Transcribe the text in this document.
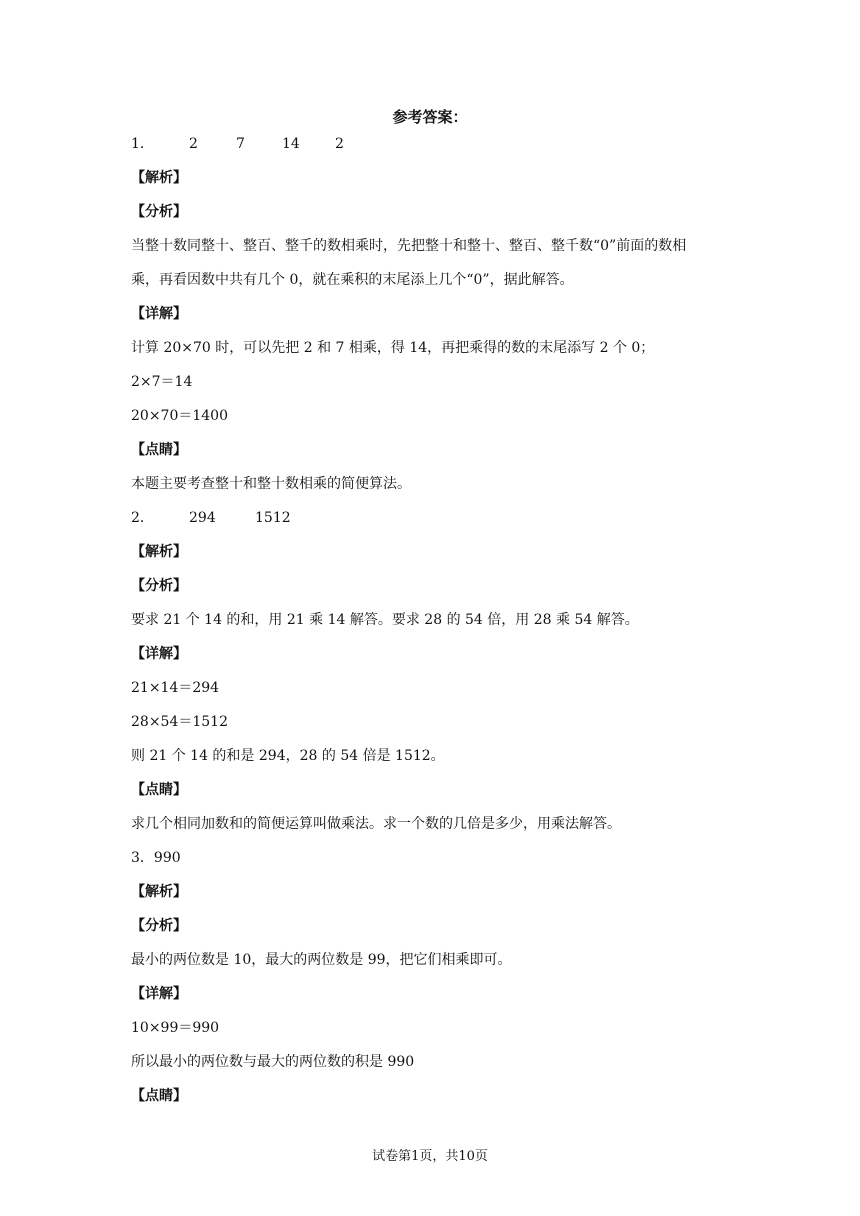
参考答案：
1．	2	7	14	2
【解析】
【分析】
当整十数同整十、整百、整千的数相乘时，先把整十和整十、整百、整千数“0”前面的数相
乘，再看因数中共有几个 0，就在乘积的末尾添上几个“0”，据此解答。
【详解】
计算 20×70 时，可以先把 2 和 7 相乘，得 14，再把乘得的数的末尾添写 2 个 0；
2×7＝14
20×70＝1400
【点睛】
本题主要考查整十和整十数相乘的简便算法。
2．	294	1512
【解析】
【分析】
要求 21 个 14 的和，用 21 乘 14 解答。要求 28 的 54 倍，用 28 乘 54 解答。
【详解】
21×14＝294
28×54＝1512
则 21 个 14 的和是 294，28 的 54 倍是 1512。
【点睛】
求几个相同加数和的简便运算叫做乘法。求一个数的几倍是多少，用乘法解答。
3．990
【解析】
【分析】
最小的两位数是 10，最大的两位数是 99，把它们相乘即可。
【详解】
10×99＝990
所以最小的两位数与最大的两位数的积是 990
【点睛】
试卷第1页，共10页
